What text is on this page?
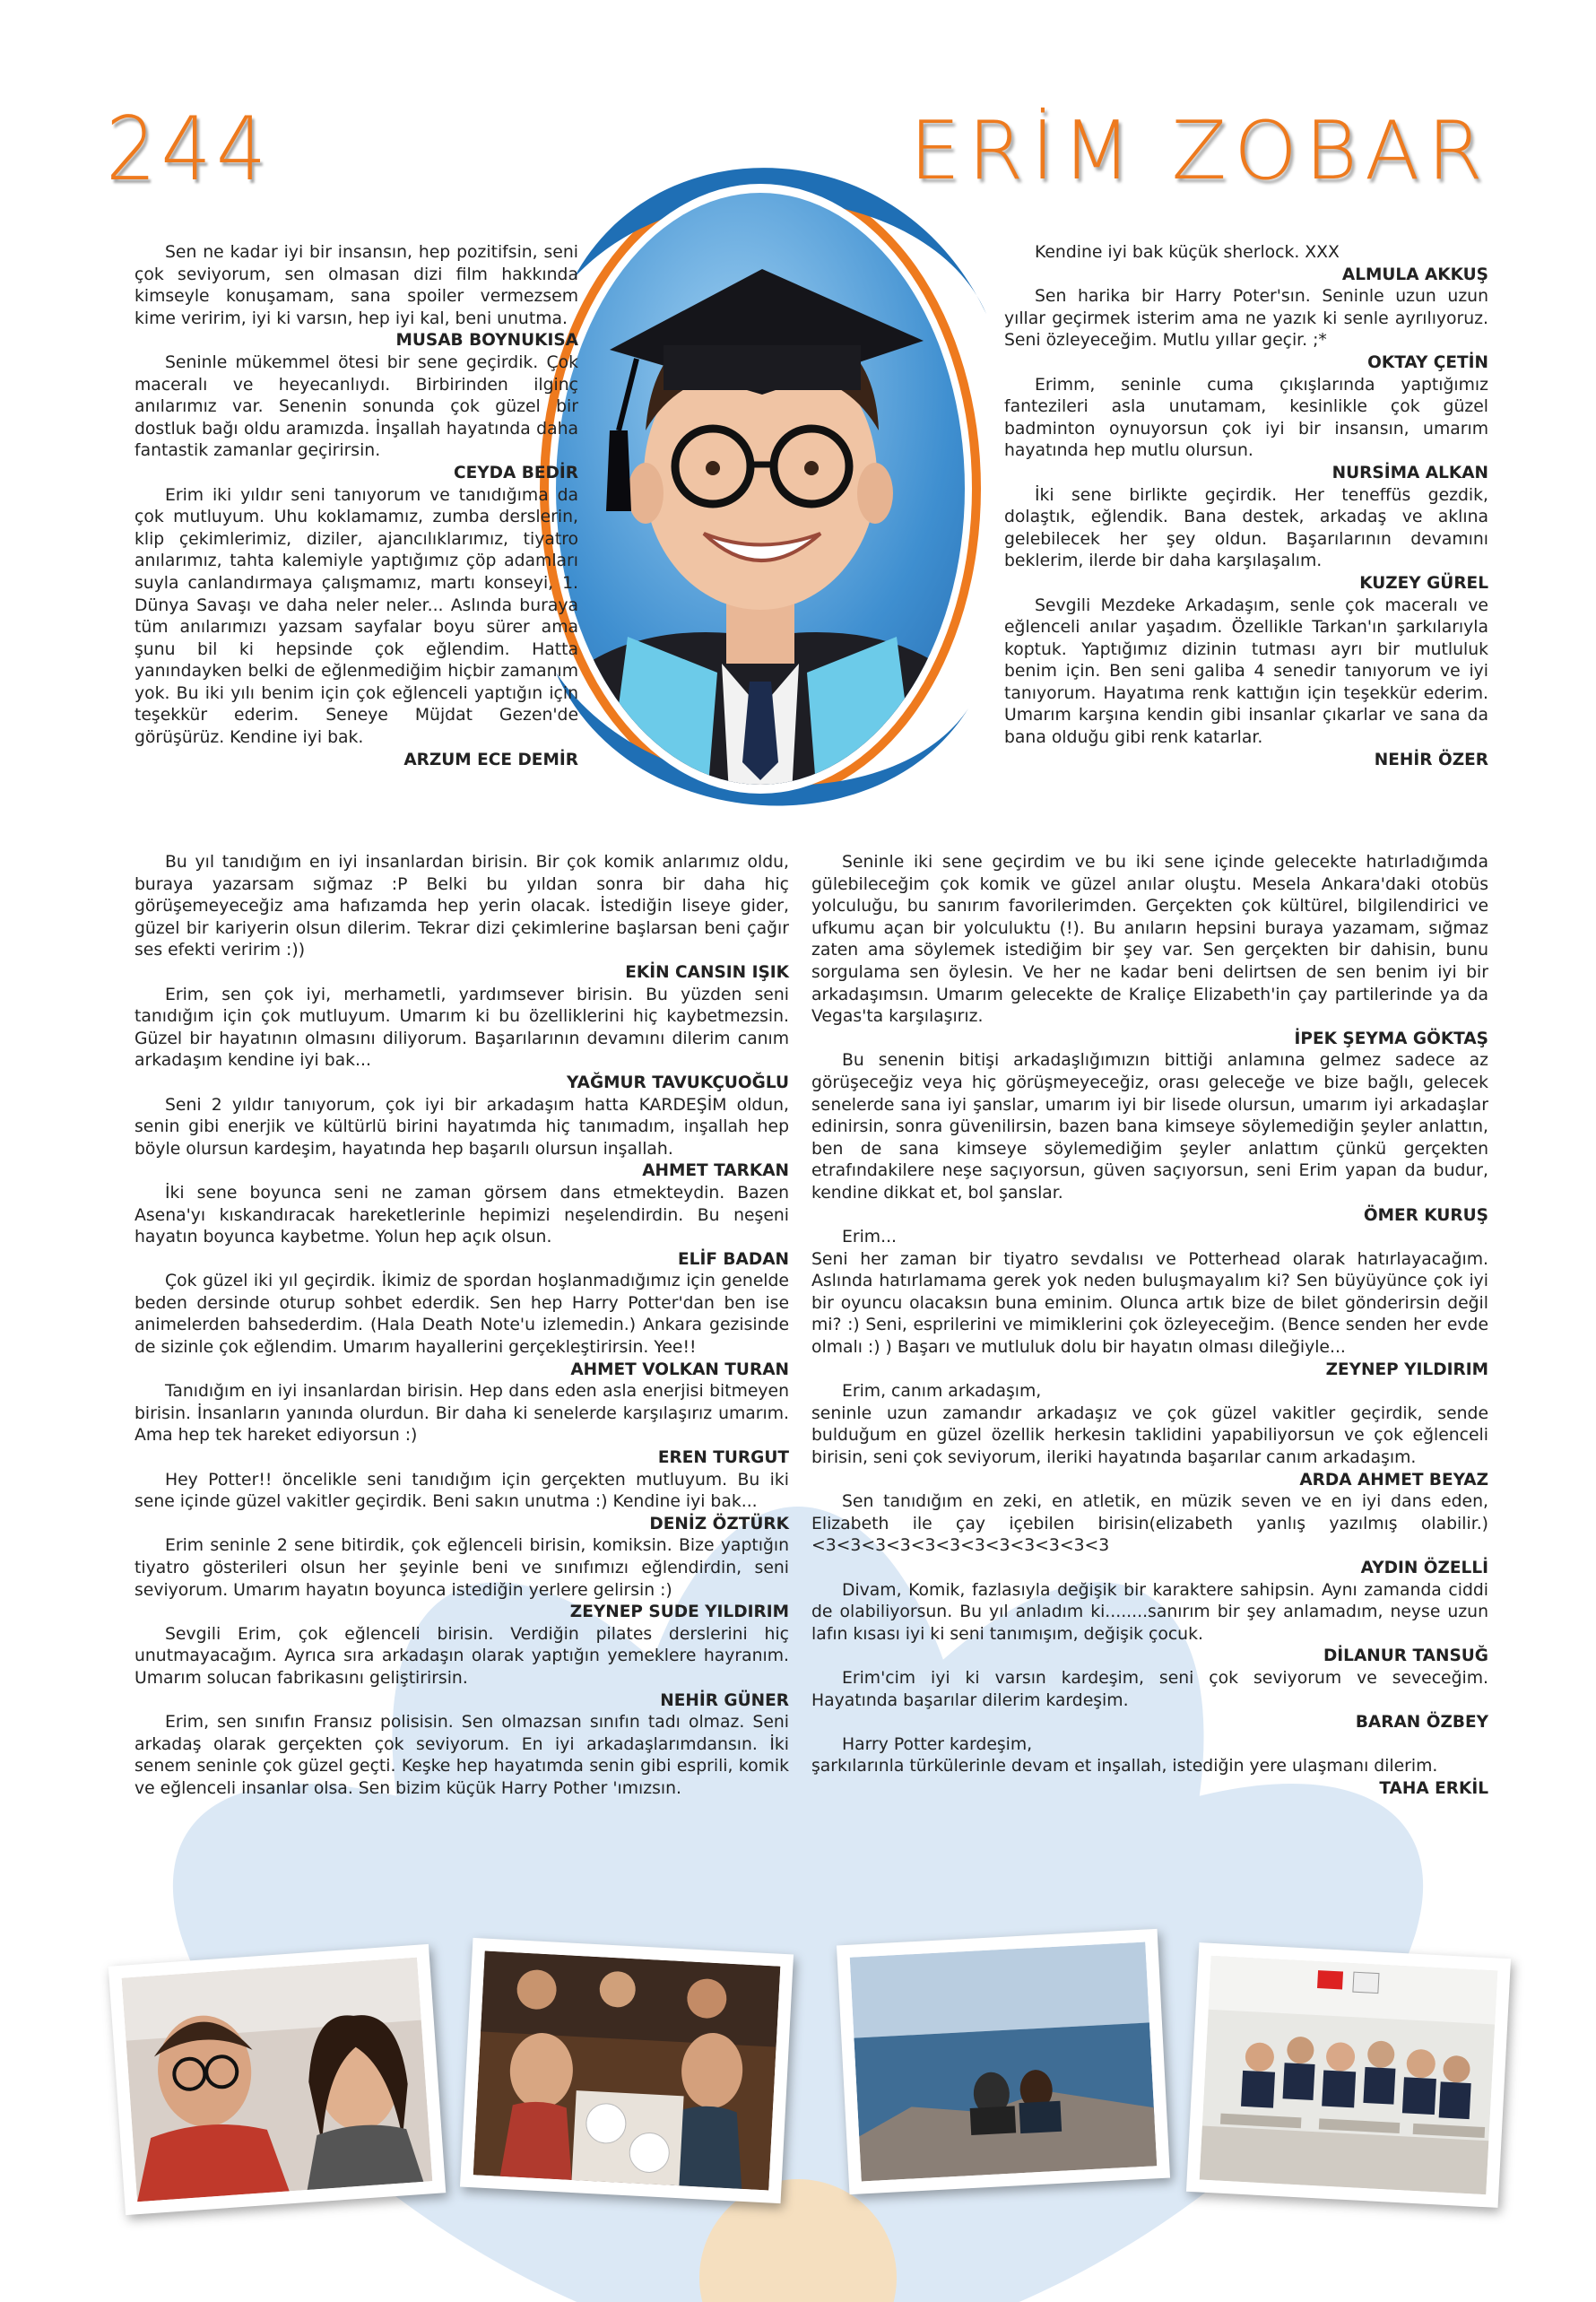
244	ERİM ZOBAR
Sen ne kadar iyi bir insansın, hep pozitifsin, seni çok seviyorum, sen olmasan dizi film hakkında kimseyle konuşamam, sana spoiler vermezsem kime veririm, iyi ki varsın, hep iyi kal, beni unutma.
MUSAB BOYNUKISA
Seninle mükemmel ötesi bir sene geçirdik. Çok maceralı ve heyecanlıydı. Birbirinden ilginç anılarımız var. Senenin sonunda çok güzel bir dostluk bağı oldu aramızda. İnşallah hayatında daha fantastik zamanlar geçirirsin.
CEYDA BEDİR
Erim iki yıldır seni tanıyorum ve tanıdığıma da çok mutluyum. Uhu koklamamız, zumba derslerin, klip çekimlerimiz, diziler, ajancılıklarımız, tiyatro anılarımız, tahta kalemiyle yaptığımız çöp adamları suyla canlandırmaya çalışmamız, martı konseyi, 1. Dünya Savaşı ve daha neler neler... Aslında buraya tüm anılarımızı yazsam sayfalar boyu sürer ama şunu bil ki hepsinde çok eğlendim. Hatta yanındayken belki de eğlenmediğim hiçbir zamanım yok. Bu iki yılı benim için çok eğlenceli yaptığın için teşekkür ederim. Seneye Müjdat Gezen'de görüşürüz. Kendine iyi bak.
ARZUM ECE DEMİR
Kendine iyi bak küçük sherlock. XXX
ALMULA AKKUŞ
Sen harika bir Harry Poter'sın. Seninle uzun uzun yıllar geçirmek isterim ama ne yazık ki senle ayrılıyoruz. Seni özleyeceğim. Mutlu yıllar geçir. ;*
OKTAY ÇETİN
Erimm, seninle cuma çıkışlarında yaptığımız fantezileri asla unutamam, kesinlikle çok güzel badminton oynuyorsun çok iyi bir insansın, umarım hayatında hep mutlu olursun.
NURSİMA ALKAN
İki sene birlikte geçirdik. Her teneffüs gezdik, dolaştık, eğlendik. Bana destek, arkadaş ve aklına gelebilecek her şey oldun. Başarılarının devamını beklerim, ilerde bir daha karşılaşalım.
KUZEY GÜREL
Sevgili Mezdeke Arkadaşım, senle çok maceralı ve eğlenceli anılar yaşadım. Özellikle Tarkan'ın şarkılarıyla koptuk. Yaptığımız dizinin tutması ayrı bir mutluluk benim için. Ben seni galiba 4 senedir tanıyorum ve iyi tanıyorum. Hayatıma renk kattığın için teşekkür ederim. Umarım karşına kendin gibi insanlar çıkarlar ve sana da bana olduğu gibi renk katarlar.
NEHİR ÖZER
Bu yıl tanıdığım en iyi insanlardan birisin. Bir çok komik anlarımız oldu, buraya yazarsam sığmaz :P Belki bu yıldan sonra bir daha hiç görüşemeyeceğiz ama hafızamda hep yerin olacak. İstediğin liseye gider, güzel bir kariyerin olsun dilerim. Tekrar dizi çekimlerine başlarsan beni çağır ses efekti veririm :))
EKİN CANSIN IŞIK
Erim, sen çok iyi, merhametli, yardımsever birisin. Bu yüzden seni tanıdığım için çok mutluyum. Umarım ki bu özelliklerini hiç kaybetmezsin. Güzel bir hayatının olmasını diliyorum. Başarılarının devamını dilerim canım arkadaşım kendine iyi bak...
YAĞMUR TAVUKÇUOĞLU
Seni 2 yıldır tanıyorum, çok iyi bir arkadaşım hatta KARDEŞİM oldun, senin gibi enerjik ve kültürlü birini hayatımda hiç tanımadım, inşallah hep böyle olursun kardeşim, hayatında hep başarılı olursun inşallah.
AHMET TARKAN
İki sene boyunca seni ne zaman görsem dans etmekteydin. Bazen Asena'yı kıskandıracak hareketlerinle hepimizi neşelendirdin. Bu neşeni hayatın boyunca kaybetme. Yolun hep açık olsun.
ELİF BADAN
Çok güzel iki yıl geçirdik. İkimiz de spordan hoşlanmadığımız için genelde beden dersinde oturup sohbet ederdik. Sen hep Harry Potter'dan ben ise animelerden bahsederdim. (Hala Death Note'u izlemedin.) Ankara gezisinde de sizinle çok eğlendim. Umarım hayallerini gerçekleştirirsin. Yee!!
AHMET VOLKAN TURAN
Tanıdığım en iyi insanlardan birisin. Hep dans eden asla enerjisi bitmeyen birisin. İnsanların yanında olurdun. Bir daha ki senelerde karşılaşırız umarım. Ama hep tek hareket ediyorsun :)
EREN TURGUT
Hey Potter!! öncelikle seni tanıdığım için gerçekten mutluyum. Bu iki sene içinde güzel vakitler geçirdik. Beni sakın unutma :) Kendine iyi bak...
DENİZ ÖZTÜRK
Erim seninle 2 sene bitirdik, çok eğlenceli birisin, komiksin. Bize yaptığın tiyatro gösterileri olsun her şeyinle beni ve sınıfımızı eğlendirdin, seni seviyorum. Umarım hayatın boyunca istediğin yerlere gelirsin :)
ZEYNEP SUDE YILDIRIM
Sevgili Erim, çok eğlenceli birisin. Verdiğin pilates derslerini hiç unutmayacağım. Ayrıca sıra arkadaşın olarak yaptığın yemeklere hayranım. Umarım solucan fabrikasını geliştirirsin.
NEHİR GÜNER
Erim, sen sınıfın Fransız polisisin. Sen olmazsan sınıfın tadı olmaz. Seni arkadaş olarak gerçekten çok seviyorum. En iyi arkadaşlarımdansın. İki senem seninle çok güzel geçti. Keşke hep hayatımda senin gibi esprili, komik ve eğlenceli insanlar olsa. Sen bizim küçük Harry Pother 'ımızsın.
Seninle iki sene geçirdim ve bu iki sene içinde gelecekte hatırladığımda gülebileceğim çok komik ve güzel anılar oluştu. Mesela Ankara'daki otobüs yolculuğu, bu sanırım favorilerimden. Gerçekten çok kültürel, bilgilendirici ve ufkumu açan bir yolculuktu (!). Bu anıların hepsini buraya yazamam, sığmaz zaten ama söylemek istediğim bir şey var. Sen gerçekten bir dahisin, bunu sorgulama sen öylesin. Ve her ne kadar beni delirtsen de sen benim iyi bir arkadaşımsın. Umarım gelecekte de Kraliçe Elizabeth'in çay partilerinde ya da Vegas'ta karşılaşırız.
İPEK ŞEYMA GÖKTAŞ
Bu senenin bitişi arkadaşlığımızın bittiği anlamına gelmez sadece az görüşeceğiz veya hiç görüşmeyeceğiz, orası geleceğe ve bize bağlı, gelecek senelerde sana iyi şanslar, umarım iyi bir lisede olursun, umarım iyi arkadaşlar edinirsin, sonra güvenilirsin, bazen bana kimseye söylemediğin şeyler anlattın, ben de sana kimseye söylemediğim şeyler anlattım çünkü gerçekten etrafındakilere neşe saçıyorsun, güven saçıyorsun, seni Erim yapan da budur, kendine dikkat et, bol şanslar.
ÖMER KURUŞ
Erim...
Seni her zaman bir tiyatro sevdalısı ve Potterhead olarak hatırlayacağım. Aslında hatırlamama gerek yok neden buluşmayalım ki? Sen büyüyünce çok iyi bir oyuncu olacaksın buna eminim. Olunca artık bize de bilet gönderirsin değil mi? :) Seni, esprilerini ve mimiklerini çok özleyeceğim. (Bence senden her evde olmalı :) ) Başarı ve mutluluk dolu bir hayatın olması dileğiyle...
ZEYNEP YILDIRIM
Erim, canım arkadaşım,
seninle uzun zamandır arkadaşız ve çok güzel vakitler geçirdik, sende bulduğum en güzel özellik herkesin taklidini yapabiliyorsun ve çok eğlenceli birisin, seni çok seviyorum, ileriki hayatında başarılar canım arkadaşım.
ARDA AHMET BEYAZ
Sen tanıdığım en zeki, en atletik, en müzik seven ve en iyi dans eden, Elizabeth ile çay içebilen birisin(elizabeth yanlış yazılmış olabilir.)<3<3<3<3<3<3<3<3<3<3<3<3
AYDIN ÖZELLİ
Divam, Komik, fazlasıyla değişik bir karaktere sahipsin. Aynı zamanda ciddi de olabiliyorsun. Bu yıl anladım ki........sanırım bir şey anlamadım, neyse uzun lafın kısası iyi ki seni tanımışım, değişik çocuk.
DİLANUR TANSUĞ
Erim'cim iyi ki varsın kardeşim, seni çok seviyorum ve seveceğim. Hayatında başarılar dilerim kardeşim.
BARAN ÖZBEY
Harry Potter kardeşim,
şarkılarınla türkülerinle devam et inşallah, istediğin yere ulaşmanı dilerim.
TAHA ERKİL
